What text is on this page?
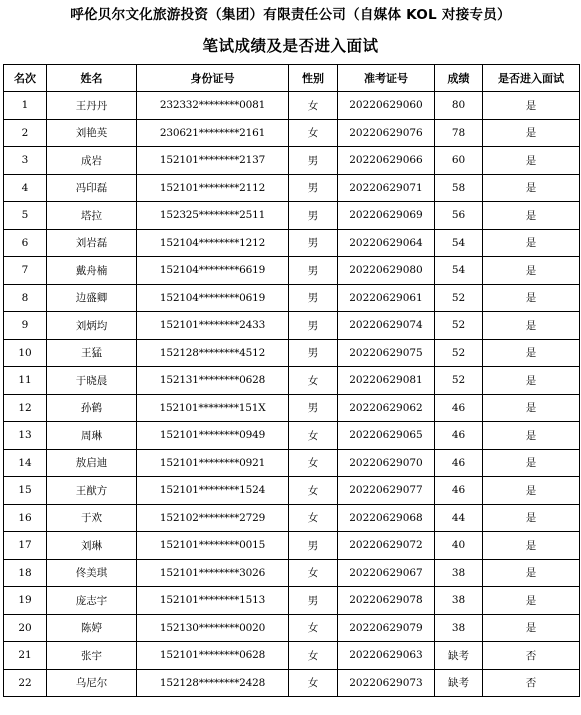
呼伦贝尔文化旅游投资（集团）有限责任公司（自媒体 KOL 对接专员）
笔试成绩及是否进入面试
名次	姓名	身份证号	性别	准考证号	成绩	是否进入面试
1	王丹丹	232332********0081	女	20220629060	80	是
2	刘艳英	230621********2161	女	20220629076	78	是
3	成岩	152101********2137	男	20220629066	60	是
4	冯印磊	152101********2112	男	20220629071	58	是
5	塔拉	152325********2511	男	20220629069	56	是
6	刘岩磊	152104********1212	男	20220629064	54	是
7	戴舟楠	152104********6619	男	20220629080	54	是
8	边盛卿	152104********0619	男	20220629061	52	是
9	刘炳均	152101********2433	男	20220629074	52	是
10	王猛	152128********4512	男	20220629075	52	是
11	于晓晨	152131********0628	女	20220629081	52	是
12	孙鹤	152101********151X	男	20220629062	46	是
13	周琳	152101********0949	女	20220629065	46	是
14	敖启迪	152101********0921	女	20220629070	46	是
15	王猷方	152101********1524	女	20220629077	46	是
16	于欢	152102********2729	女	20220629068	44	是
17	刘琳	152101********0015	男	20220629072	40	是
18	佟美琪	152101********3026	女	20220629067	38	是
19	庞志宇	152101********1513	男	20220629078	38	是
20	陈婷	152130********0020	女	20220629079	38	是
21	张宇	152101********0628	女	20220629063	缺考	否
22	乌尼尔	152128********2428	女	20220629073	缺考	否
